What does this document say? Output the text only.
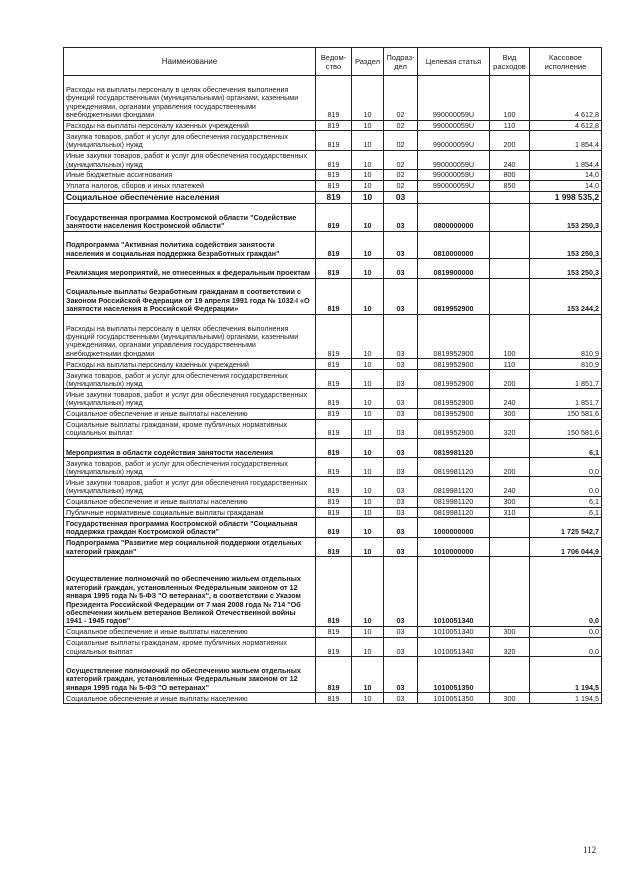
Наименование	Ведом-ство	Раздел	Подраз-дел	Целевая статья	Вид расходов	Кассовое исполнение
Расходы на выплаты персоналу в целях обеспечения выполнения функций государственными (муниципальными) органами, казенными учреждениями, органами управления государственными внебюджетными фондами	819	10	02	990000059U	100	4 612,8
Расходы на выплаты персоналу казенных учреждений	819	10	02	990000059U	110	4 612,8
Закупка товаров, работ и услуг для обеспечения государственных (муниципальных) нужд	819	10	02	990000059U	200	1 854,4
Иные закупки товаров, работ и услуг для обеспечения государственных (муниципальных) нужд	819	10	02	990000059U	240	1 854,4
Иные бюджетные ассигнования	819	10	02	990000059U	800	14,0
Уплата налогов, сборов и иных платежей	819	10	02	990000059U	850	14,0
Социальное обеспечение населения	819	10	03			1 998 535,2
Государственная программа Костромской области "Содействие занятости населения Костромской области"	819	10	03	0800000000		153 250,3
Подпрограмма "Активная политика содействия занятости населения и социальная поддержка безработных граждан"	819	10	03	0810000000		153 250,3
Реализация мероприятий, не отнесенных к федеральным проектам	819	10	03	0819900000		153 250,3
Социальные выплаты безработным гражданам в соответствии с Законом Российской Федерации от 19 апреля 1991 года № 1032-I «О занятости населения в Российской Федерации»	819	10	03	0819952900		153 244,2
Расходы на выплаты персоналу в целях обеспечения выполнения функций государственными (муниципальными) органами, казенными учреждениями, органами управления государственными внебюджетными фондами	819	10	03	0819952900	100	810,9
Расходы на выплаты персоналу казенных учреждений	819	10	03	0819952900	110	810,9
Закупка товаров, работ и услуг для обеспечения государственных (муниципальных) нужд	819	10	03	0819952900	200	1 851,7
Иные закупки товаров, работ и услуг для обеспечения государственных (муниципальных) нужд	819	10	03	0819952900	240	1 851,7
Социальное обеспечение и иные выплаты населению	819	10	03	0819952900	300	150 581,6
Социальные выплаты гражданам, кроме публичных нормативных социальных выплат	819	10	03	0819952900	320	150 581,6
Мероприятия в области содействия занятости населения	819	10	03	0819981120		6,1
Закупка товаров, работ и услуг для обеспечения государственных (муниципальных) нужд	819	10	03	0819981120	200	0,0
Иные закупки товаров, работ и услуг для обеспечения государственных (муниципальных) нужд	819	10	03	0819981120	240	0,0
Социальное обеспечение и иные выплаты населению	819	10	03	0819981120	300	6,1
Публичные нормативные социальные выплаты гражданам	819	10	03	0819981120	310	6,1
Государственная программа Костромской области "Социальная поддержка граждан Костромской области"	819	10	03	1000000000		1 725 542,7
Подпрограмма "Развитие мер социальной поддержки отдельных категорий граждан"	819	10	03	1010000000		1 706 044,9
Осуществление полномочий по обеспечению жильем отдельных категорий граждан, установленных Федеральным законом от 12 января 1995 года № 5-ФЗ "О ветеранах", в соответствии с Указом Президента Российской Федерации от 7 мая 2008 года № 714 "Об обеспечении жильем ветеранов Великой Отечественной войны 1941 - 1945 годов"	819	10	03	1010051340		0,0
Социальное обеспечение и иные выплаты населению	819	10	03	1010051340	300	0,0
Социальные выплаты гражданам, кроме публичных нормативных социальных выплат	819	10	03	1010051340	320	0,0
Осуществление полномочий по обеспечению жильем отдельных категорий граждан, установленных Федеральным законом от 12 января 1995 года № 5-ФЗ "О ветеранах"	819	10	03	1010051350		1 194,5
Социальное обеспечение и иные выплаты населению	819	10	03	1010051350	300	1 194,5
112
